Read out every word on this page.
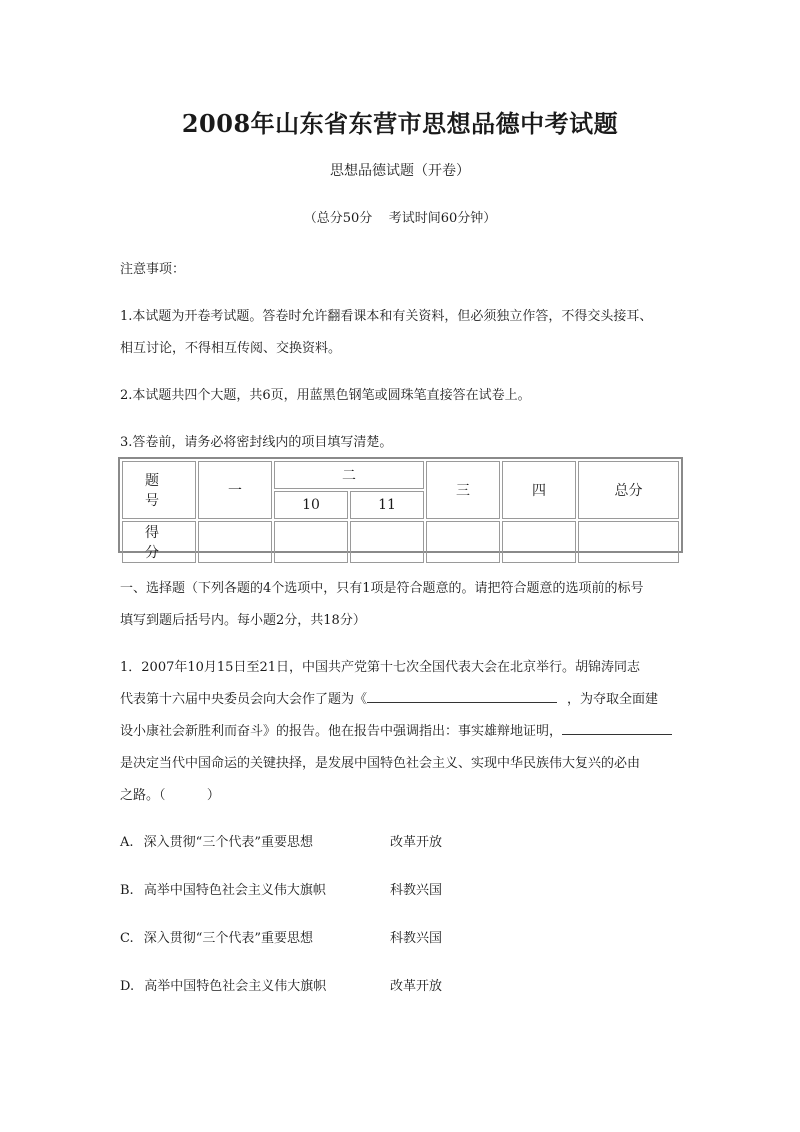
2008年山东省东营市思想品德中考试题
思想品德试题（开卷）
（总分50分    考试时间60分钟）
注意事项：
1.本试题为开卷考试题。答卷时允许翻看课本和有关资料，但必须独立作答，不得交头接耳、
相互讨论，不得相互传阅、交换资料。
2.本试题共四个大题，共6页，用蓝黑色钢笔或圆珠笔直接答在试卷上。
3.答卷前，请务必将密封线内的项目填写清楚。
题 号	一	二		三	四	总分
		10	11			
得 分						
一、选择题（下列各题的4个选项中，只有1项是符合题意的。请把符合题意的选项前的标号
填写到题后括号内。每小题2分，共18分）
1．2007年10月15日至21日，中国共产党第十七次全国代表大会在北京举行。胡锦涛同志
代表第十六届中央委员会向大会作了题为《	，为夺取全面建
设小康社会新胜利而奋斗》的报告。他在报告中强调指出：事实雄辩地证明，
是决定当代中国命运的关键抉择，是发展中国特色社会主义、实现中华民族伟大复兴的必由
之路。（          ）
A. 深入贯彻“三个代表”重要思想	改革开放
B. 高举中国特色社会主义伟大旗帜	科教兴国
C. 深入贯彻“三个代表”重要思想	科教兴国
D. 高举中国特色社会主义伟大旗帜	改革开放
